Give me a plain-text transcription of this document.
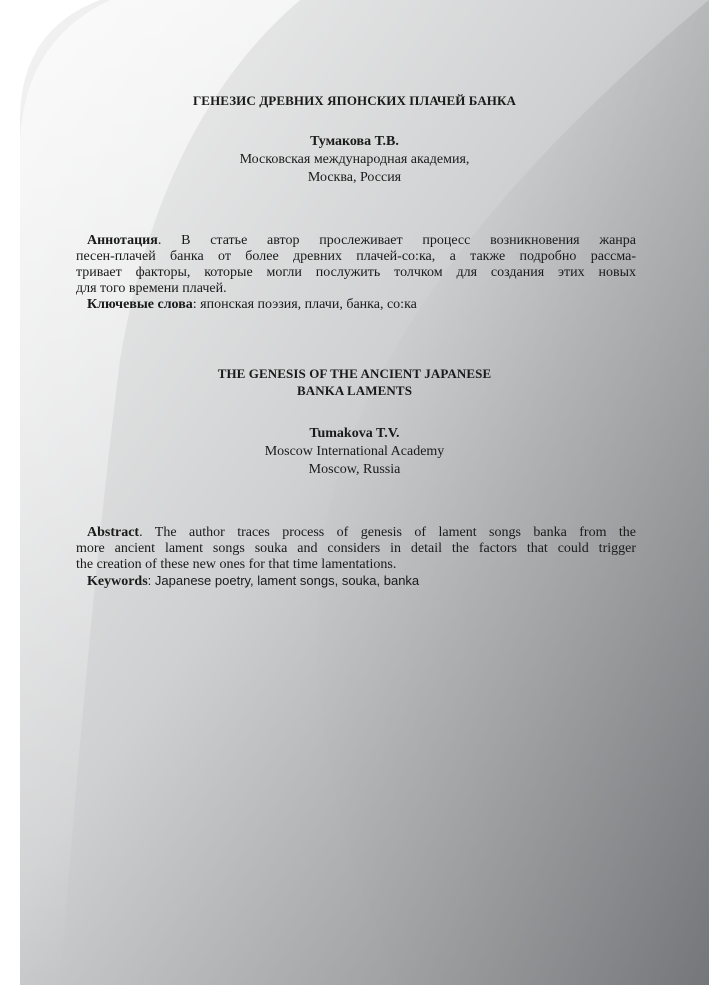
ГЕНЕЗИС ДРЕВНИХ ЯПОНСКИХ ПЛАЧЕЙ БАНКА
Тумакова Т.В.
Московская международная академия,
Москва, Россия
Аннотация. В статье автор прослеживает процесс возникновения жанра
песен-плачей банка от более древних плачей-со:ка, а также подробно рассма-
тривает факторы, которые могли послужить толчком для создания этих новых
для того времени плачей.
Ключевые слова: японская поэзия, плачи, банка, со:ка
THE GENESIS OF THE ANCIENT JAPANESE
BANKA LAMENTS
Tumakova T.V.
Moscow International Academy
Moscow, Russia
Abstract. The author traces process of genesis of lament songs banka from the
more ancient lament songs souka and considers in detail the factors that could trigger
the creation of these new ones for that time lamentations.
Keywords: Japanese poetry, lament songs, souka, banka
